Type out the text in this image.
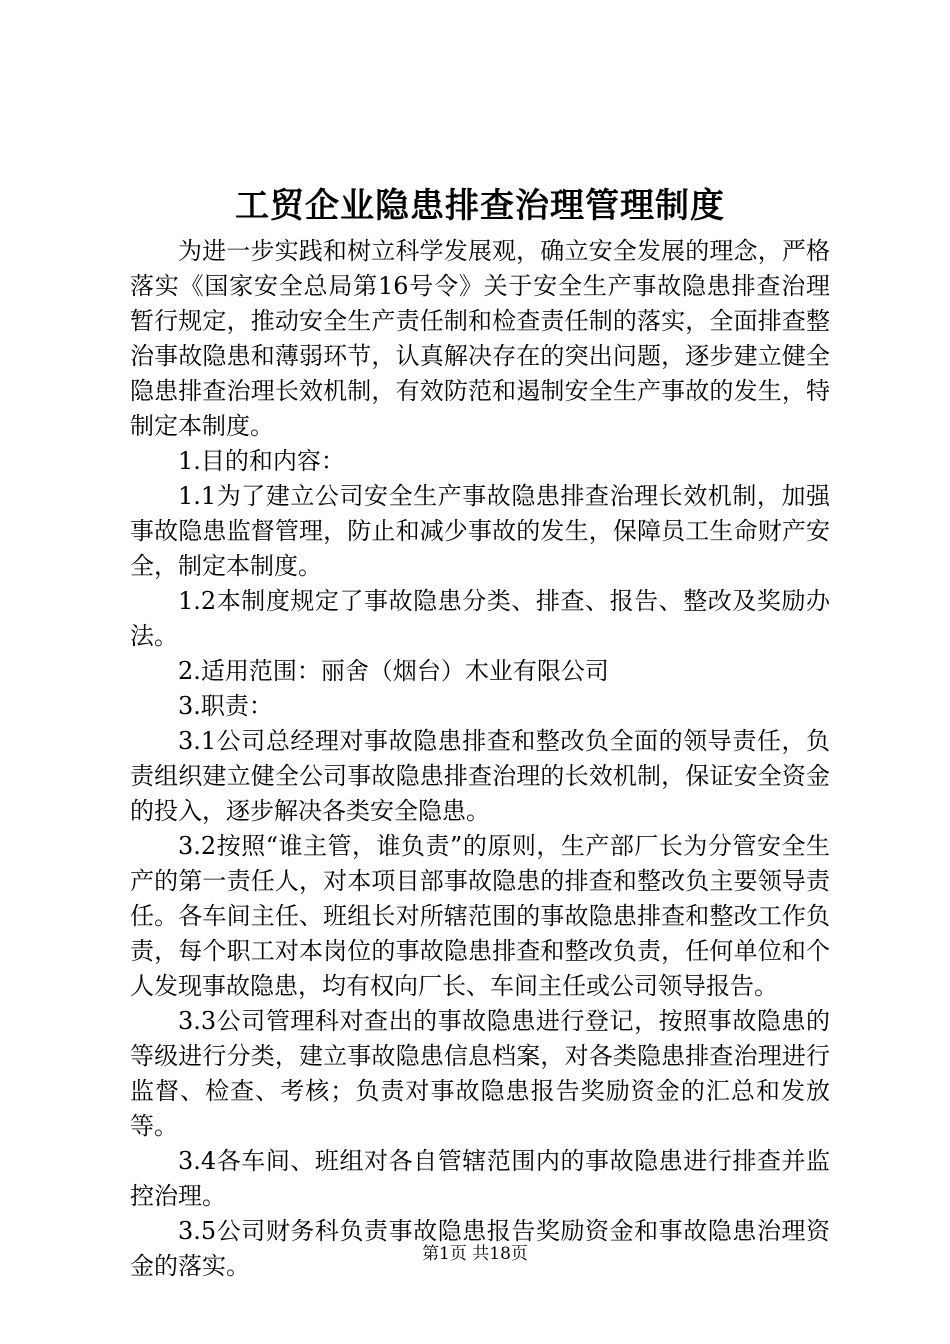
工贸企业隐患排查治理管理制度

为进一步实践和树立科学发展观，确立安全发展的理念，严格落实《国家安全总局第16号令》关于安全生产事故隐患排查治理暂行规定，推动安全生产责任制和检查责任制的落实，全面排查整治事故隐患和薄弱环节，认真解决存在的突出问题，逐步建立健全隐患排查治理长效机制，有效防范和遏制安全生产事故的发生，特制定本制度。

1.目的和内容：

1.1为了建立公司安全生产事故隐患排查治理长效机制，加强事故隐患监督管理，防止和减少事故的发生，保障员工生命财产安全，制定本制度。

1.2本制度规定了事故隐患分类、排查、报告、整改及奖励办法。

2.适用范围：丽舍（烟台）木业有限公司

3.职责：

3.1公司总经理对事故隐患排查和整改负全面的领导责任，负责组织建立健全公司事故隐患排查治理的长效机制，保证安全资金的投入，逐步解决各类安全隐患。

3.2按照“谁主管，谁负责”的原则，生产部厂长为分管安全生产的第一责任人，对本项目部事故隐患的排查和整改负主要领导责任。各车间主任、班组长对所辖范围的事故隐患排查和整改工作负责，每个职工对本岗位的事故隐患排查和整改负责，任何单位和个人发现事故隐患，均有权向厂长、车间主任或公司领导报告。

3.3公司管理科对查出的事故隐患进行登记，按照事故隐患的等级进行分类，建立事故隐患信息档案，对各类隐患排查治理进行监督、检查、考核；负责对事故隐患报告奖励资金的汇总和发放等。

3.4各车间、班组对各自管辖范围内的事故隐患进行排查并监控治理。

3.5公司财务科负责事故隐患报告奖励资金和事故隐患治理资金的落实。	第1页 共18页
